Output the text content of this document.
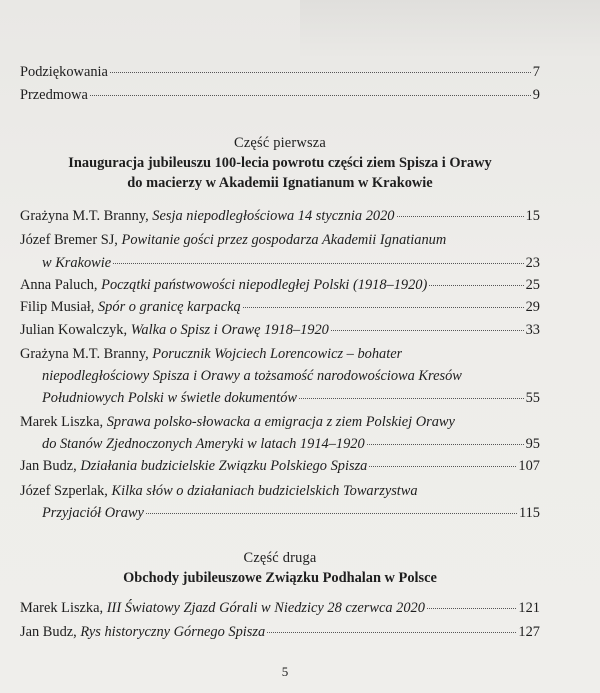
Podziękowania	7
Przedmowa	9
Grażyna M.T. Branny, Sesja niepodległościowa 14 stycznia 2020	15
Józef Bremer SJ, Powitanie gości przez gospodarza Akademii Ignatianum
w Krakowie	23
Anna Paluch, Początki państwowości niepodległej Polski (1918–1920)	25
Filip Musiał, Spór o granicę karpacką	29
Julian Kowalczyk, Walka o Spisz i Orawę 1918–1920	33
Grażyna M.T. Branny, Porucznik Wojciech Lorencowicz – bohater
niepodległościowy Spisza i Orawy a tożsamość narodowościowa Kresów
Południowych Polski w świetle dokumentów	55
Marek Liszka, Sprawa polsko-słowacka a emigracja z ziem Polskiej Orawy
do Stanów Zjednoczonych Ameryki w latach 1914–1920	95
Jan Budz, Działania budzicielskie Związku Polskiego Spisza	107
Józef Szperlak, Kilka słów o działaniach budzicielskich Towarzystwa
Przyjaciół Orawy	115
Marek Liszka, III Światowy Zjazd Górali w Niedzicy 28 czerwca 2020	121
Jan Budz, Rys historyczny Górnego Spisza	127
Część pierwsza
Inauguracja jubileuszu 100-lecia powrotu części ziem Spisza i Orawy
do macierzy w Akademii Ignatianum w Krakowie
Część druga
Obchody jubileuszowe Związku Podhalan w Polsce
5
